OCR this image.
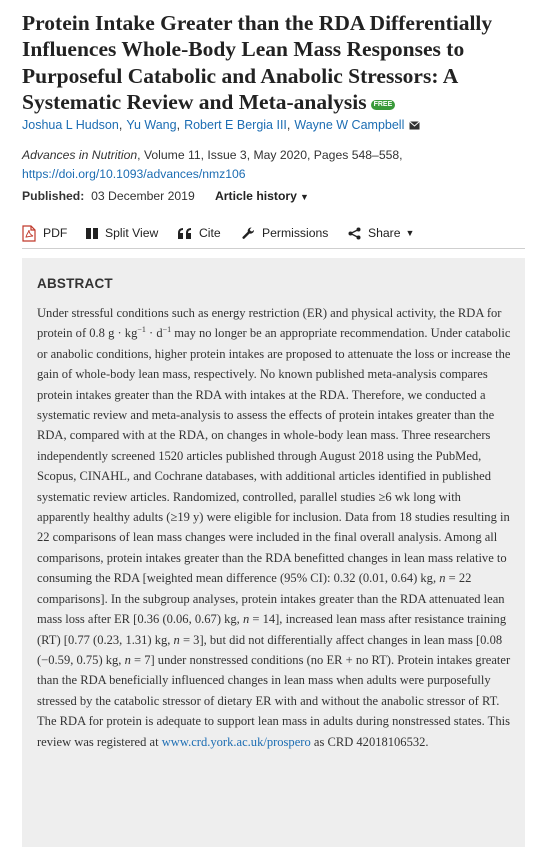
Protein Intake Greater than the RDA Differentially Influences Whole-Body Lean Mass Responses to Purposeful Catabolic and Anabolic Stressors: A Systematic Review and Meta-analysis FREE
Joshua L Hudson, Yu Wang, Robert E Bergia III, Wayne W Campbell
Advances in Nutrition, Volume 11, Issue 3, May 2020, Pages 548–558,
https://doi.org/10.1093/advances/nmz106
Published: 03 December 2019 Article history ▼
PDF	Split View	Cite	Permissions	Share ▼
ABSTRACT

Under stressful conditions such as energy restriction (ER) and physical activity, the RDA for protein of 0.8 $g \cdot kg^{-1} \cdot d^{-1}$ may no longer be an appropriate recommendation. Under catabolic or anabolic conditions, higher protein intakes are proposed to attenuate the loss or increase the gain of whole-body lean mass, respectively. No known published meta-analysis compares protein intakes greater than the RDA with intakes at the RDA. Therefore, we conducted a systematic review and meta-analysis to assess the effects of protein intakes greater than the RDA, compared with at the RDA, on changes in whole-body lean mass. Three researchers independently screened 1520 articles published through August 2018 using the PubMed, Scopus, CINAHL, and Cochrane databases, with additional articles identified in published systematic review articles. Randomized, controlled, parallel studies ≥6 wk long with apparently healthy adults (≥19 y) were eligible for inclusion. Data from 18 studies resulting in 22 comparisons of lean mass changes were included in the final overall analysis. Among all comparisons, protein intakes greater than the RDA benefitted changes in lean mass relative to consuming the RDA [weighted mean difference (95% CI): 0.32 (0.01, 0.64) kg, n = 22 comparisons]. In the subgroup analyses, protein intakes greater than the RDA attenuated lean mass loss after ER [0.36 (0.06, 0.67) kg, n = 14], increased lean mass after resistance training (RT) [0.77 (0.23, 1.31) kg, n = 3], but did not differentially affect changes in lean mass [0.08 (−0.59, 0.75) kg, n = 7] under nonstressed conditions (no ER + no RT). Protein intakes greater than the RDA beneficially influenced changes in lean mass when adults were purposefully stressed by the catabolic stressor of dietary ER with and without the anabolic stressor of RT. The RDA for protein is adequate to support lean mass in adults during nonstressed states. This review was registered at www.crd.york.ac.uk/prospero as CRD 42018106532.
